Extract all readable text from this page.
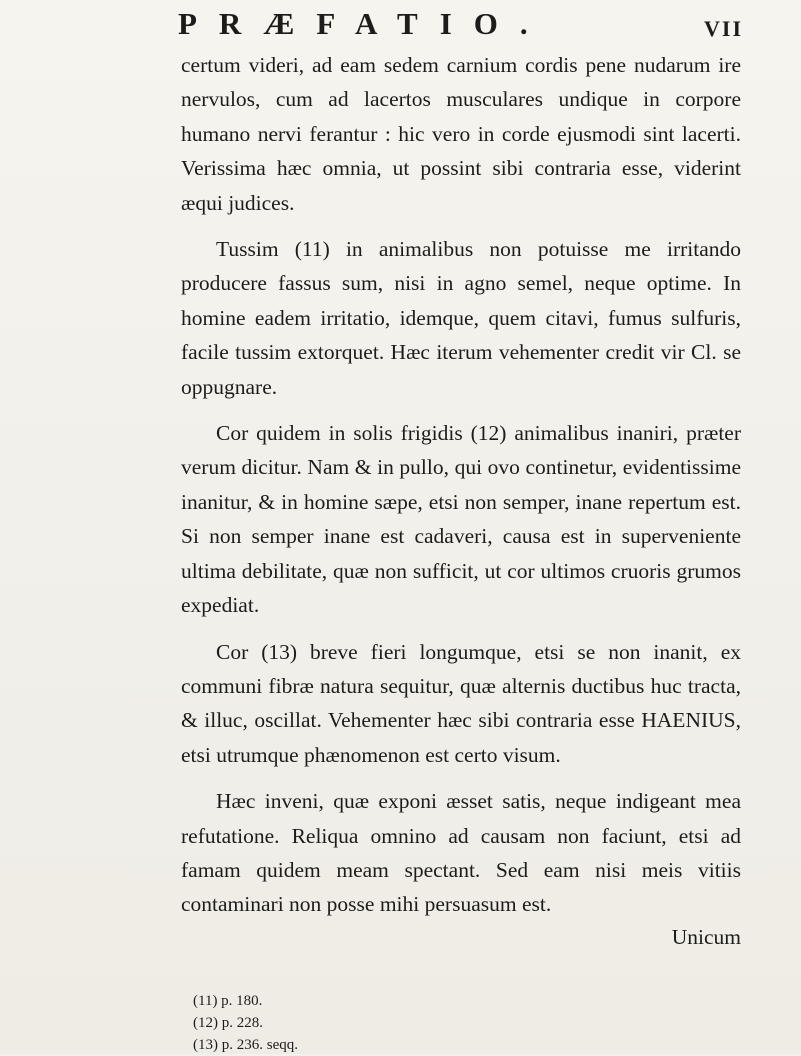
PRÆFATIO.	VII

certum videri, ad eam sedem carnium cordis pene nudarum ire nervulos, cum ad lacertos musculares undique in corpore humano nervi ferantur : hic vero in corde ejusmodi sint lacerti. Verissima hæc omnia, ut possint sibi contraria esse, viderint æqui judices.

Tussim (11) in animalibus non potuisse me irritando producere fassus sum, nisi in agno semel, neque optime. In homine eadem irritatio, idemque, quem citavi, fumus sulfuris, facile tussim extorquet. Hæc iterum vehementer credit vir Cl. se oppugnare.

Cor quidem in solis frigidis (12) animalibus inaniri, præter verum dicitur. Nam & in pullo, qui ovo continetur, evidentissime inanitur, & in homine sæpe, etsi non semper, inane repertum est. Si non semper inane est cadaveri, causa est in superveniente ultima debilitate, quæ non sufficit, ut cor ultimos cruoris grumos expediat.

Cor (13) breve fieri longumque, etsi se non inanit, ex communi fibræ natura sequitur, quæ alternis ductibus huc tracta, & illuc, oscillat. Vehementer hæc sibi contraria esse HAENIUS, etsi utrumque phænomenon est certo visum.

Hæc inveni, quæ exponi æsset satis, neque indigeant mea refutatione. Reliqua omnino ad causam non faciunt, etsi ad famam quidem meam spectant. Sed eam nisi meis vitiis contaminari non posse mihi persuasum est.

Unicum

(11) p. 180.

(12) p. 228.

(13) p. 236. seqq.
